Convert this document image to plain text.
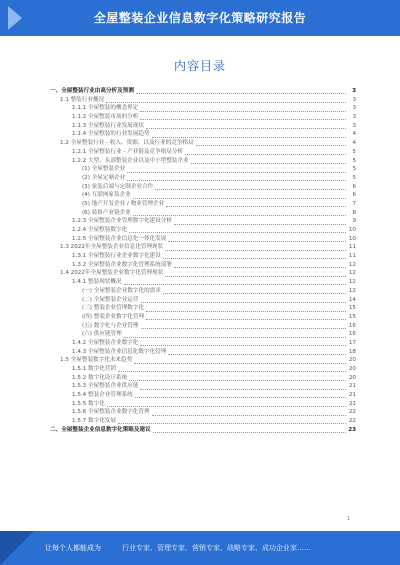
全屋整装企业信息数字化策略研究报告
内容目录
一、全屋整装行业由高分析及预测	3
1.1 整装行业概况	3
1.1.1 全屋整装的概念界定	3
1.1.2 全屋整装市场的分析	3
1.1.3 全屋整装行业发展现状	3
1.1.4 全屋整装的行业发展趋势	4
1.2 全屋整装行业 - 收入、资源、以及行业的竞争格局	4
1.2.1 全屋整装行业 - 产业链及竞争格局分析	5
1.2.2 大型、头部整装企业以及中小型整装企业	5
(1) 全屋整装企业	5
(2) 全屋定制企业	5
(3) 家装后端与定制企业合作	6
(4) 互联网家装企业	6
(5) 地产开发企业 / 物业管理企业	7
(6) 装修产业链企业	8
1.2.3 全屋整装企业管理数字化建设分析	9
1.2.4 全屋整装数字化	10
1.2.5 全屋整装企业信息化一体化发展	10
1.3 2022年全屋整装企业信息化管理现状	11
1.3.1 全屋整装行业企业数字化建设	11
1.3.2 全屋整装企业数字化管理系统部署	12
1.4 2022年全屋整装企业数字化管理现状	12
1.4.1 整装现状概况	12
(一) 全屋整装企业数字化的需求	12
(二) 全屋整装企业运营	14
(三) 整装企业管理数字化	15
(四) 整装企业数字化管理	15
(五) 数字化与企业管理	16
(六) 供应链管理	16
1.4.2 全屋整装企业数字化	17
1.4.3 全屋整装企业信息化数字化管理	18
1.5 全屋整装数字化未来趋势	20
1.5.1 数字化营销	20
1.5.2 数字化设计系统	20
1.5.3 全屋整装企业供应链	21
1.5.4 整装企业管理系统	21
1.5.5 数字化	21
1.5.6 全屋整装企业数字化管理	22
1.5.7 数字化发展	22
二、全屋整装企业信息数字化策略及建议	23
1
让每个人都能成为	行业专家、管理专家、营销专家、战略专家、成功企业家……
